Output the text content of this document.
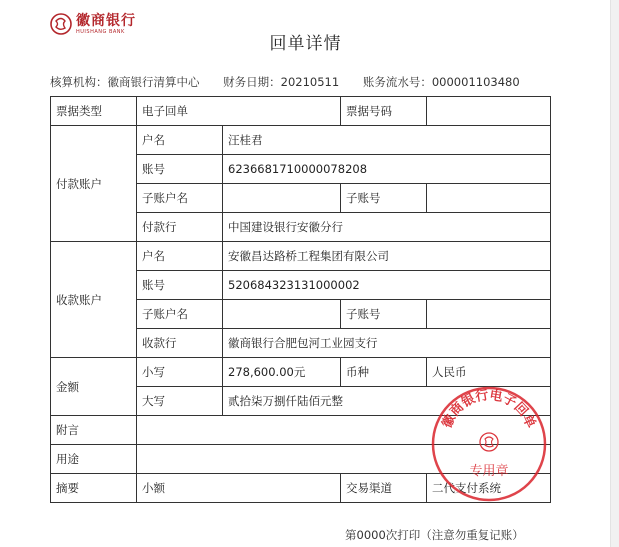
徽商银行
HUISHANG BANK
回单详情
核算机构：徽商银行清算中心 财务日期：20210511 账务流水号：000001103480
票据类型	电子回单		票据号码	
付款账户	户名	汪桂君		
	账号	6236681710000078208		
	子账户名		子账号	
	付款行	中国建设银行安徽分行		
收款账户	户名	安徽昌达路桥工程集团有限公司		
	账号	520684323131000002		
	子账户名		子账号	
	收款行	徽商银行合肥包河工业园支行		
金额	小写	278,600.00元	币种	人民币
	大写	贰拾柒万捌仟陆佰元整		
附言				
用途				
摘要	小额		交易渠道	二代支付系统
徽商银行电子回单
专用章
第0000次打印（注意勿重复记账）
